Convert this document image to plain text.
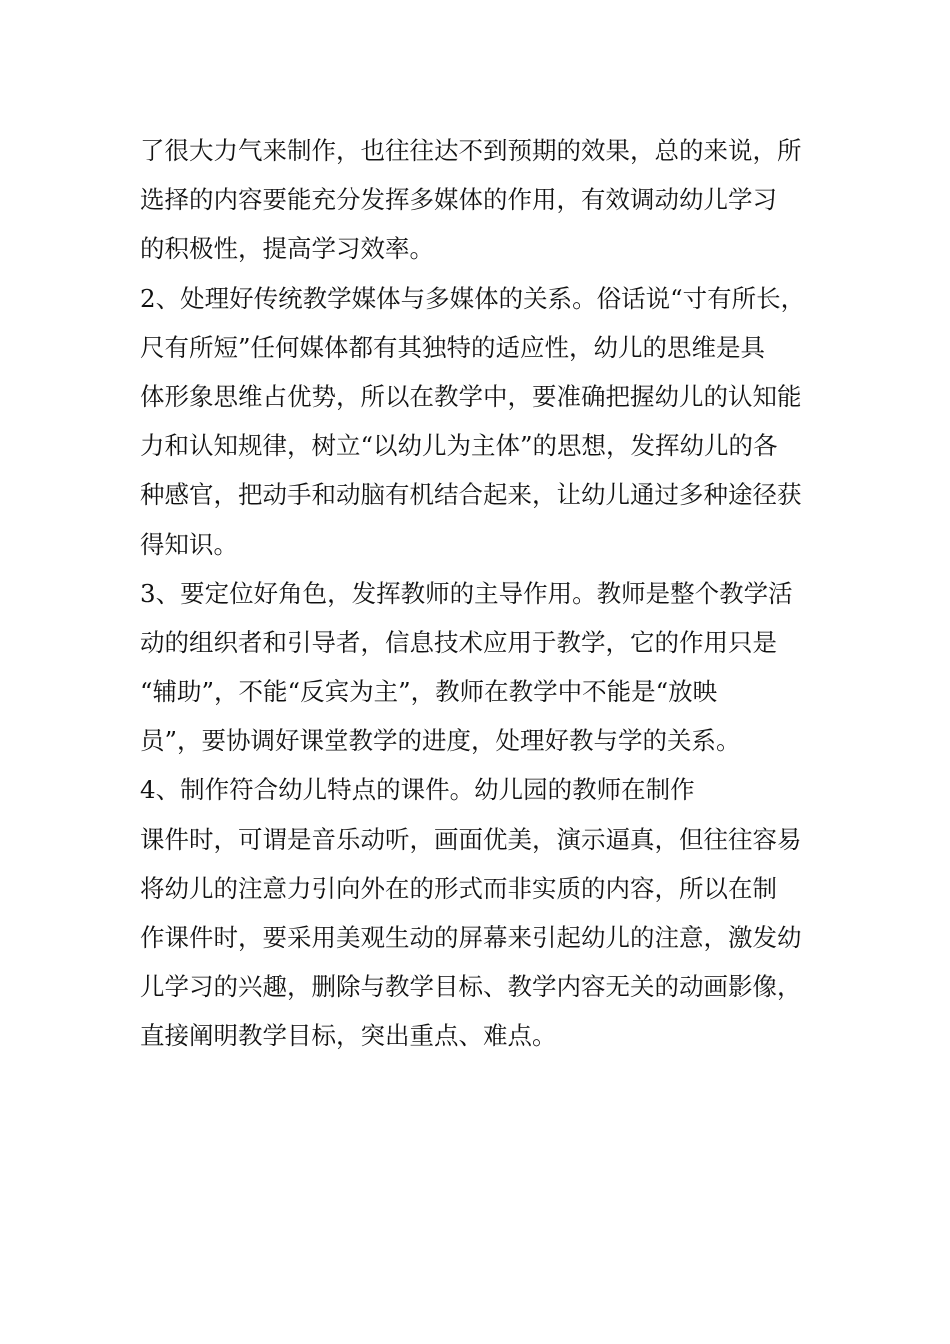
了很大力气来制作，也往往达不到预期的效果，总的来说，所
选择的内容要能充分发挥多媒体的作用，有效调动幼儿学习
的积极性，提高学习效率。
2、处理好传统教学媒体与多媒体的关系。俗话说“寸有所长，
尺有所短”任何媒体都有其独特的适应性，幼儿的思维是具
体形象思维占优势，所以在教学中，要准确把握幼儿的认知能
力和认知规律，树立“以幼儿为主体”的思想，发挥幼儿的各
种感官，把动手和动脑有机结合起来，让幼儿通过多种途径获
得知识。
3、要定位好角色，发挥教师的主导作用。教师是整个教学活
动的组织者和引导者，信息技术应用于教学，它的作用只是
“辅助”，不能“反宾为主”，教师在教学中不能是“放映
员”，要协调好课堂教学的进度，处理好教与学的关系。
4、制作符合幼儿特点的课件。幼儿园的教师在制作
课件时，可谓是音乐动听，画面优美，演示逼真，但往往容易
将幼儿的注意力引向外在的形式而非实质的内容，所以在制
作课件时，要采用美观生动的屏幕来引起幼儿的注意，激发幼
儿学习的兴趣，删除与教学目标、教学内容无关的动画影像，
直接阐明教学目标，突出重点、难点。
